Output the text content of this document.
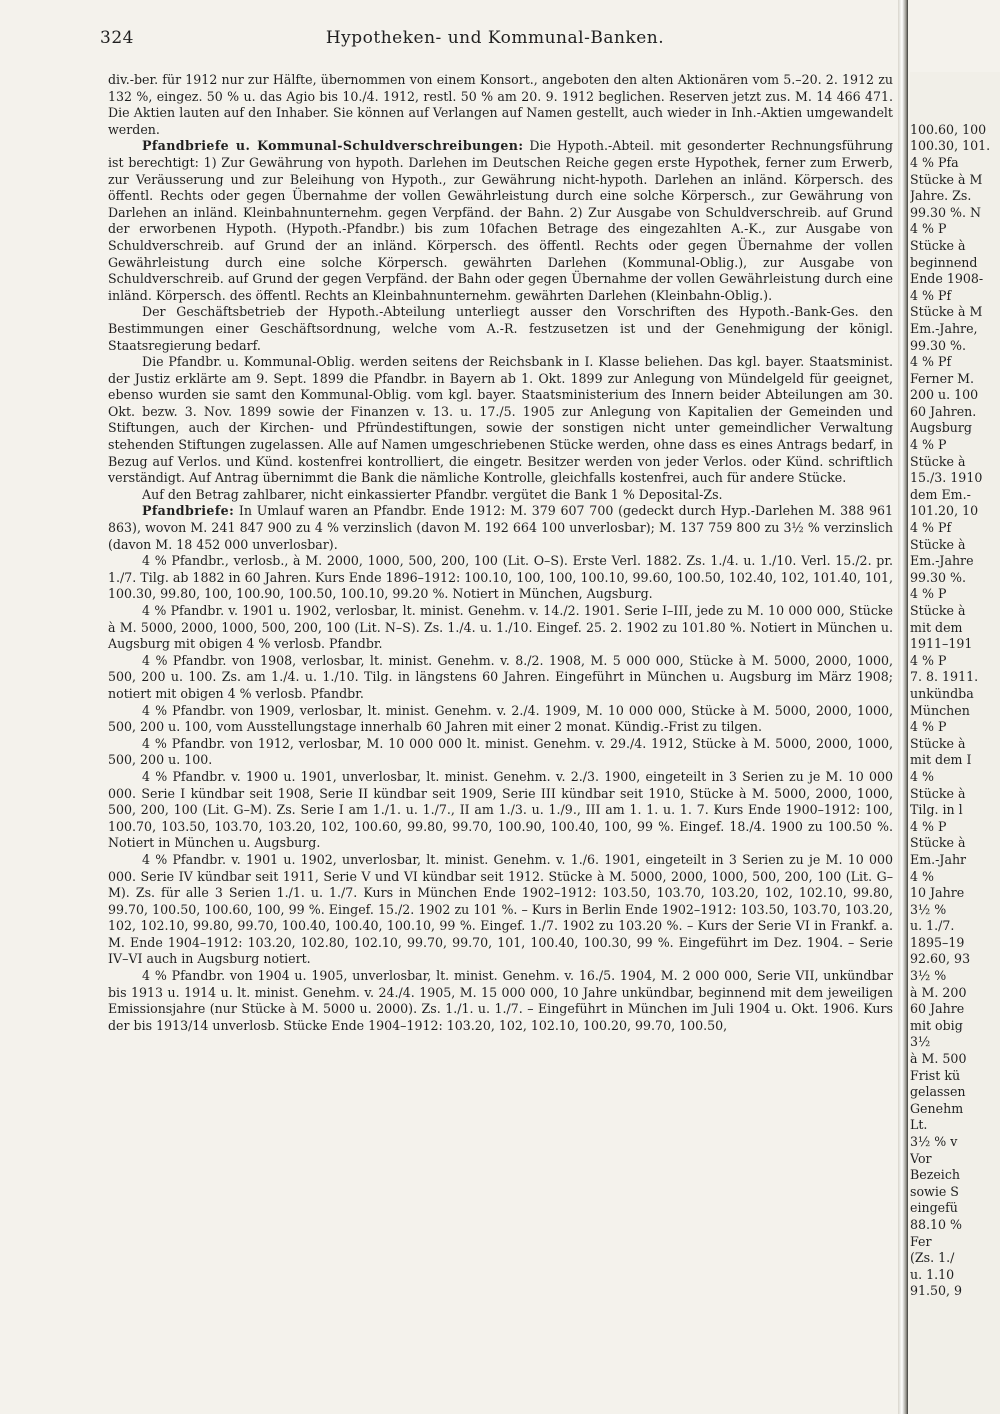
324	Hypotheken- und Kommunal-Banken.

div.-ber. für 1912 nur zur Hälfte, übernommen von einem Konsort., angeboten den alten Aktionären vom 5.–20. 2. 1912 zu 132 %, eingez. 50 % u. das Agio bis 10./4. 1912, restl. 50 % am 20. 9. 1912 beglichen. Reserven jetzt zus. M. 14 466 471. Die Aktien lauten auf den Inhaber. Sie können auf Verlangen auf Namen gestellt, auch wieder in Inh.-Aktien umgewandelt werden.

Pfandbriefe u. Kommunal-Schuldverschreibungen: Die Hypoth.-Abteil. mit gesonderter Rechnungsführung ist berechtigt: 1) Zur Gewährung von hypoth. Darlehen im Deutschen Reiche gegen erste Hypothek, ferner zum Erwerb, zur Veräusserung und zur Beleihung von Hypoth., zur Gewährung nicht-hypoth. Darlehen an inländ. Körpersch. des öffentl. Rechts oder gegen Übernahme der vollen Gewährleistung durch eine solche Körpersch., zur Gewährung von Darlehen an inländ. Kleinbahnunternehm. gegen Verpfänd. der Bahn. 2) Zur Ausgabe von Schuldverschreib. auf Grund der erworbenen Hypoth. (Hypoth.-Pfandbr.) bis zum 10fachen Betrage des eingezahlten A.-K., zur Ausgabe von Schuldverschreib. auf Grund der an inländ. Körpersch. des öffentl. Rechts oder gegen Übernahme der vollen Gewährleistung durch eine solche Körpersch. gewährten Darlehen (Kommunal-Oblig.), zur Ausgabe von Schuldverschreib. auf Grund der gegen Verpfänd. der Bahn oder gegen Übernahme der vollen Gewährleistung durch eine inländ. Körpersch. des öffentl. Rechts an Kleinbahnunternehm. gewährten Darlehen (Kleinbahn-Oblig.).

Der Geschäftsbetrieb der Hypoth.-Abteilung unterliegt ausser den Vorschriften des Hypoth.-Bank-Ges. den Bestimmungen einer Geschäftsordnung, welche vom A.-R. festzusetzen ist und der Genehmigung der königl. Staatsregierung bedarf.

Die Pfandbr. u. Kommunal-Oblig. werden seitens der Reichsbank in I. Klasse beliehen. Das kgl. bayer. Staatsminist. der Justiz erklärte am 9. Sept. 1899 die Pfandbr. in Bayern ab 1. Okt. 1899 zur Anlegung von Mündelgeld für geeignet, ebenso wurden sie samt den Kommunal-Oblig. vom kgl. bayer. Staatsministerium des Innern beider Abteilungen am 30. Okt. bezw. 3. Nov. 1899 sowie der Finanzen v. 13. u. 17./5. 1905 zur Anlegung von Kapitalien der Gemeinden und Stiftungen, auch der Kirchen- und Pfründestiftungen, sowie der sonstigen nicht unter gemeindlicher Verwaltung stehenden Stiftungen zugelassen. Alle auf Namen umgeschriebenen Stücke werden, ohne dass es eines Antrags bedarf, in Bezug auf Verlos. und Künd. kostenfrei kontrolliert, die eingetr. Besitzer werden von jeder Verlos. oder Künd. schriftlich verständigt. Auf Antrag übernimmt die Bank die nämliche Kontrolle, gleichfalls kostenfrei, auch für andere Stücke.

Auf den Betrag zahlbarer, nicht einkassierter Pfandbr. vergütet die Bank 1 % Deposital-Zs.

Pfandbriefe: In Umlauf waren an Pfandbr. Ende 1912: M. 379 607 700 (gedeckt durch Hyp.-Darlehen M. 388 961 863), wovon M. 241 847 900 zu 4 % verzinslich (davon M. 192 664 100 unverlosbar); M. 137 759 800 zu 3½ % verzinslich (davon M. 18 452 000 unverlosbar).

4 % Pfandbr., verlosb., à M. 2000, 1000, 500, 200, 100 (Lit. O–S). Erste Verl. 1882. Zs. 1./4. u. 1./10. Verl. 15./2. pr. 1./7. Tilg. ab 1882 in 60 Jahren. Kurs Ende 1896–1912: 100.10, 100, 100, 100.10, 99.60, 100.50, 102.40, 102, 101.40, 101, 100.30, 99.80, 100, 100.90, 100.50, 100.10, 99.20 %. Notiert in München, Augsburg.

4 % Pfandbr. v. 1901 u. 1902, verlosbar, lt. minist. Genehm. v. 14./2. 1901. Serie I–III, jede zu M. 10 000 000, Stücke à M. 5000, 2000, 1000, 500, 200, 100 (Lit. N–S). Zs. 1./4. u. 1./10. Eingef. 25. 2. 1902 zu 101.80 %. Notiert in München u. Augsburg mit obigen 4 % verlosb. Pfandbr.

4 % Pfandbr. von 1908, verlosbar, lt. minist. Genehm. v. 8./2. 1908, M. 5 000 000, Stücke à M. 5000, 2000, 1000, 500, 200 u. 100. Zs. am 1./4. u. 1./10. Tilg. in längstens 60 Jahren. Eingeführt in München u. Augsburg im März 1908; notiert mit obigen 4 % verlosb. Pfandbr.

4 % Pfandbr. von 1909, verlosbar, lt. minist. Genehm. v. 2./4. 1909, M. 10 000 000, Stücke à M. 5000, 2000, 1000, 500, 200 u. 100, vom Ausstellungstage innerhalb 60 Jahren mit einer 2 monat. Kündig.-Frist zu tilgen.

4 % Pfandbr. von 1912, verlosbar, M. 10 000 000 lt. minist. Genehm. v. 29./4. 1912, Stücke à M. 5000, 2000, 1000, 500, 200 u. 100.

4 % Pfandbr. v. 1900 u. 1901, unverlosbar, lt. minist. Genehm. v. 2./3. 1900, eingeteilt in 3 Serien zu je M. 10 000 000. Serie I kündbar seit 1908, Serie II kündbar seit 1909, Serie III kündbar seit 1910, Stücke à M. 5000, 2000, 1000, 500, 200, 100 (Lit. G–M). Zs. Serie I am 1./1. u. 1./7., II am 1./3. u. 1./9., III am 1. 1. u. 1. 7. Kurs Ende 1900–1912: 100, 100.70, 103.50, 103.70, 103.20, 102, 100.60, 99.80, 99.70, 100.90, 100.40, 100, 99 %. Eingef. 18./4. 1900 zu 100.50 %. Notiert in München u. Augsburg.

4 % Pfandbr. v. 1901 u. 1902, unverlosbar, lt. minist. Genehm. v. 1./6. 1901, eingeteilt in 3 Serien zu je M. 10 000 000. Serie IV kündbar seit 1911, Serie V und VI kündbar seit 1912. Stücke à M. 5000, 2000, 1000, 500, 200, 100 (Lit. G–M). Zs. für alle 3 Serien 1./1. u. 1./7. Kurs in München Ende 1902–1912: 103.50, 103.70, 103.20, 102, 102.10, 99.80, 99.70, 100.50, 100.60, 100, 99 %. Eingef. 15./2. 1902 zu 101 %. – Kurs in Berlin Ende 1902–1912: 103.50, 103.70, 103.20, 102, 102.10, 99.80, 99.70, 100.40, 100.40, 100.10, 99 %. Eingef. 1./7. 1902 zu 103.20 %. – Kurs der Serie VI in Frankf. a. M. Ende 1904–1912: 103.20, 102.80, 102.10, 99.70, 99.70, 101, 100.40, 100.30, 99 %. Eingeführt im Dez. 1904. – Serie IV–VI auch in Augsburg notiert.

4 % Pfandbr. von 1904 u. 1905, unverlosbar, lt. minist. Genehm. v. 16./5. 1904, M. 2 000 000, Serie VII, unkündbar bis 1913 u. 1914 u. lt. minist. Genehm. v. 24./4. 1905, M. 15 000 000, 10 Jahre unkündbar, beginnend mit dem jeweiligen Emissionsjahre (nur Stücke à M. 5000 u. 2000). Zs. 1./1. u. 1./7. – Eingeführt in München im Juli 1904 u. Okt. 1906. Kurs der bis 1913/14 unverlosb. Stücke Ende 1904–1912: 103.20, 102, 102.10, 100.20, 99.70, 100.50,

100.60, 100
100.30, 101.
4 % Pfa
Stücke à M
Jahre. Zs.
99.30 %. N
4 % P
Stücke à
beginnend
Ende 1908-
4 % Pf
Stücke à M
Em.-Jahre,
99.30 %.
4 % Pf
Ferner M.
200 u. 100
60 Jahren.
Augsburg
4 % P
Stücke à
15./3. 1910
dem Em.-
101.20, 10
4 % Pf
Stücke à
Em.-Jahre
99.30 %.
4 % P
Stücke à
mit dem
1911–191
4 % P
7. 8. 1911.
unkündba
München
4 % P
Stücke à
mit dem I
4 %
Stücke à
Tilg. in l
4 % P
Stücke à
Em.-Jahr
4 %
10 Jahre
3½ %
u. 1./7.
1895–19
92.60, 93
3½ %
à M. 200
60 Jahre
mit obig
3½
à M. 500
Frist kü
gelassen
Genehm
Lt.
3½ % v
Vor
Bezeich
sowie S
eingefü
88.10 %
Fer
(Zs. 1./
u. 1.10
91.50, 9
